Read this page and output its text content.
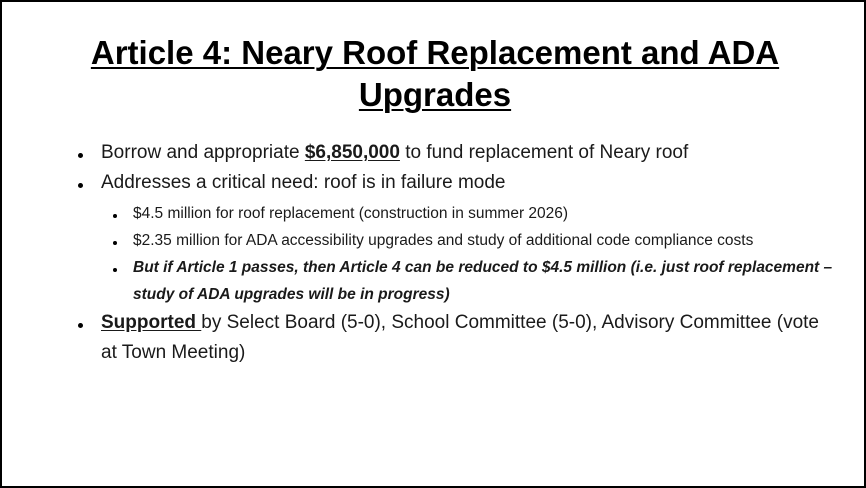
Article 4: Neary Roof Replacement and ADA Upgrades
Borrow and appropriate $6,850,000 to fund replacement of Neary roof
Addresses a critical need: roof is in failure mode
$4.5 million for roof replacement (construction in summer 2026)
$2.35 million for ADA accessibility upgrades and study of additional code compliance costs
But if Article 1 passes, then Article 4 can be reduced to $4.5 million (i.e. just roof replacement – study of ADA upgrades will be in progress)
Supported by Select Board (5-0), School Committee (5-0), Advisory Committee (vote at Town Meeting)
